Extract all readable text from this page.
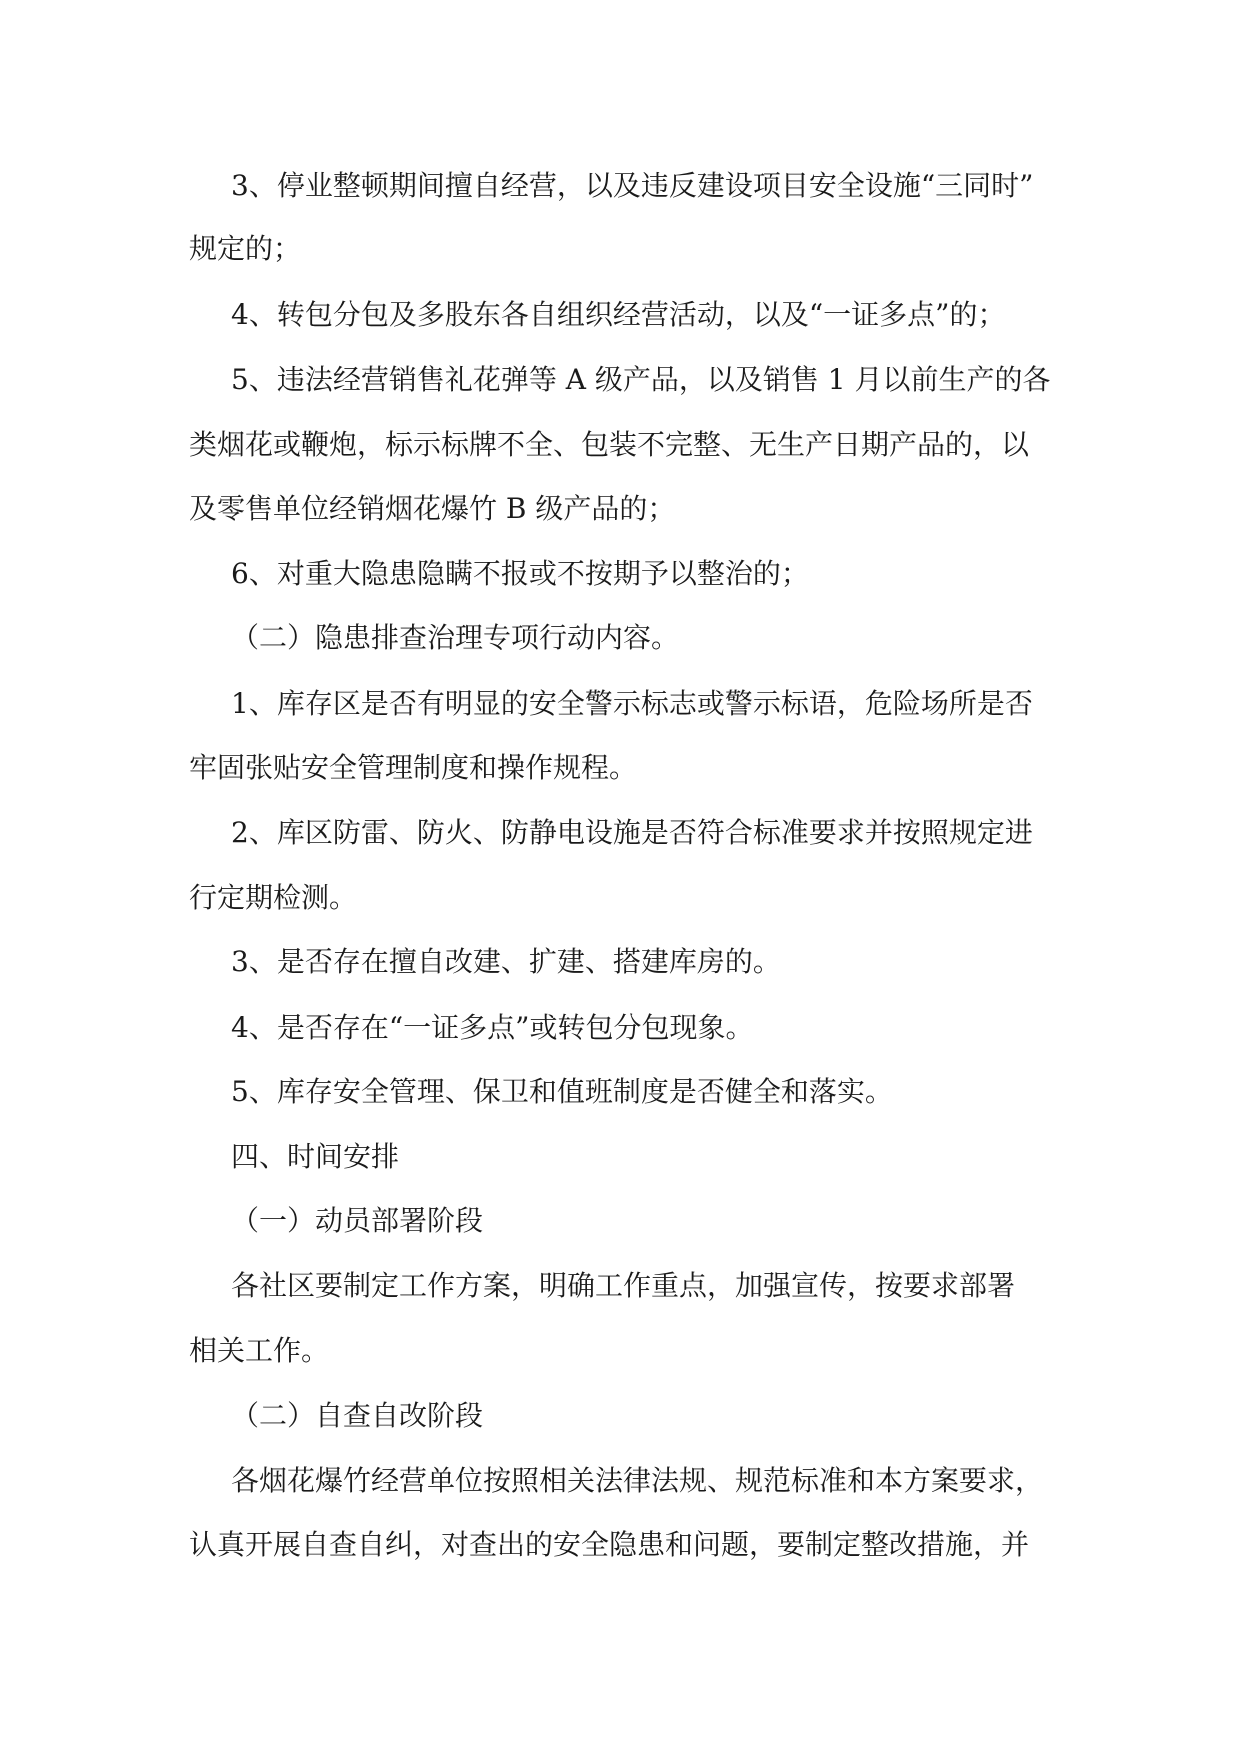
3、停业整顿期间擅自经营，以及违反建设项目安全设施“三同时”
规定的；
4、转包分包及多股东各自组织经营活动，以及“一证多点”的；
5、违法经营销售礼花弹等 A 级产品，以及销售 1 月以前生产的各
类烟花或鞭炮，标示标牌不全、包装不完整、无生产日期产品的，以
及零售单位经销烟花爆竹 B 级产品的；
6、对重大隐患隐瞒不报或不按期予以整治的；
（二）隐患排查治理专项行动内容。
1、库存区是否有明显的安全警示标志或警示标语，危险场所是否
牢固张贴安全管理制度和操作规程。
2、库区防雷、防火、防静电设施是否符合标准要求并按照规定进
行定期检测。
3、是否存在擅自改建、扩建、搭建库房的。
4、是否存在“一证多点”或转包分包现象。
5、库存安全管理、保卫和值班制度是否健全和落实。
四、时间安排
（一）动员部署阶段
各社区要制定工作方案，明确工作重点，加强宣传，按要求部署
相关工作。
（二）自查自改阶段
各烟花爆竹经营单位按照相关法律法规、规范标准和本方案要求，
认真开展自查自纠，对查出的安全隐患和问题，要制定整改措施，并
